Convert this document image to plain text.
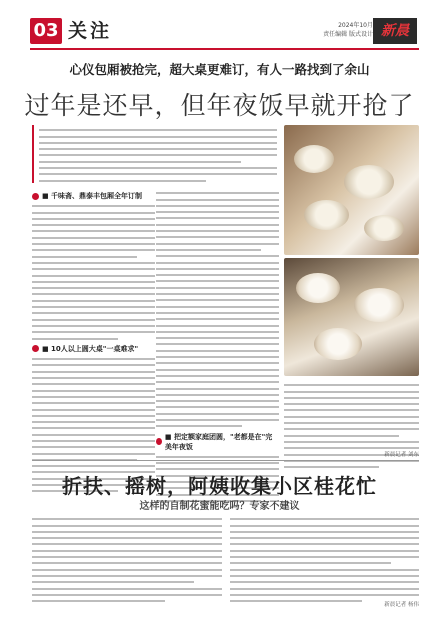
03 关注	2024年10月
责任编辑 版式设计 新晨
心仪包厢被抢完，超大桌更难订，有人一路找到了余山
过年是还早，但年夜饭早就开抢了
■ 千味斋、鼎泰丰包厢全年订制
■ 10人以上圆大桌"一桌难求"
■ 把定额家庭团圆，"老都是在"完美年夜饭
新晨记者 刘东
折扶、摇树，阿姨收集小区桂花忙
这样的自制花蜜能吃吗？专家不建议
新晨记者 杨伟
